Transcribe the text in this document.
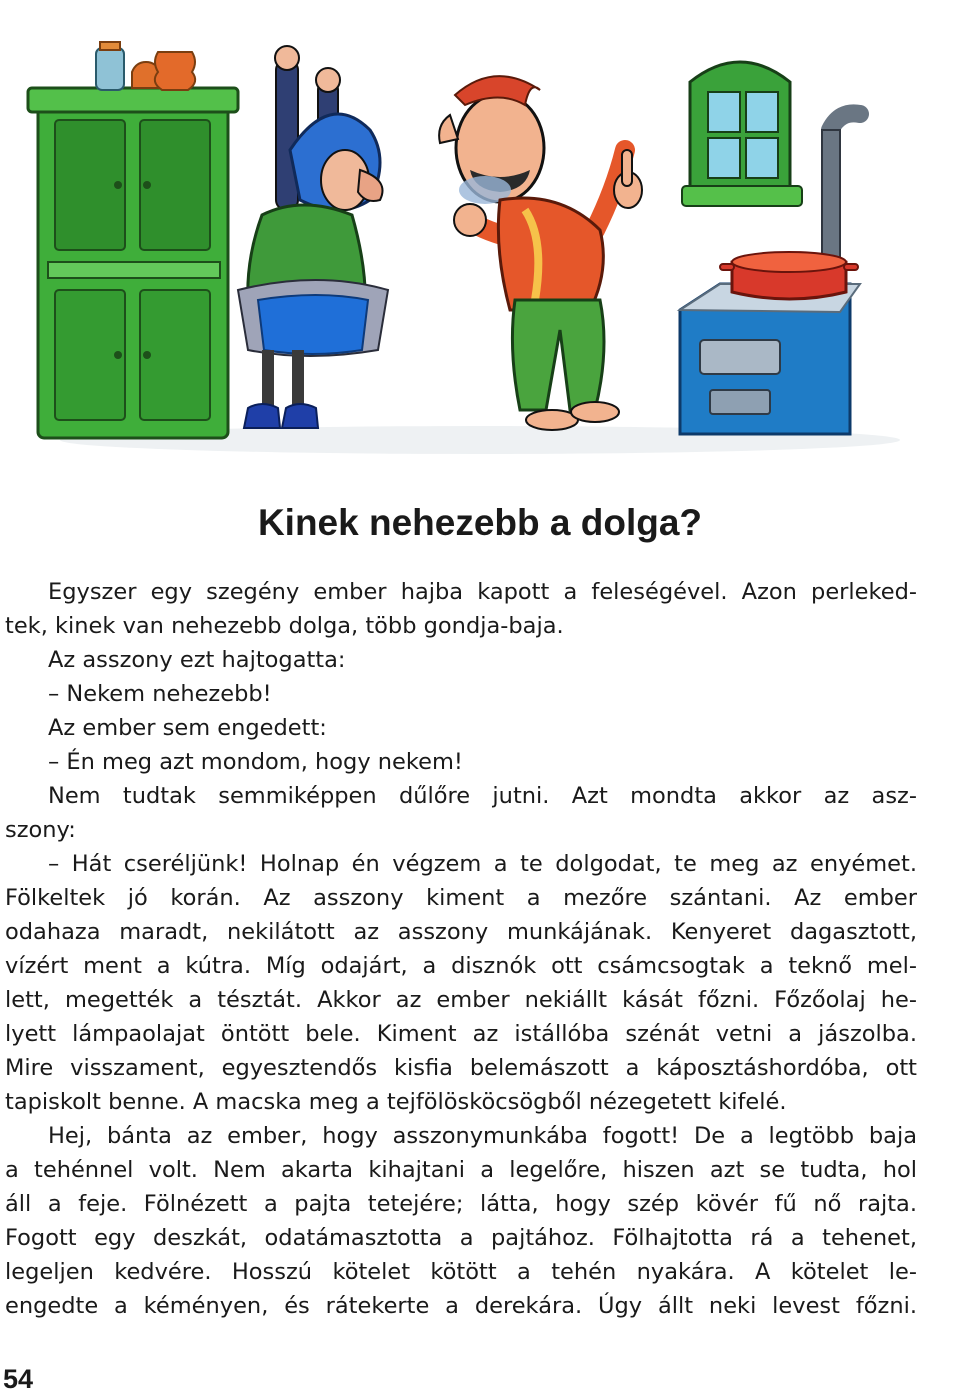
Kinek nehezebb a dolga?
Egyszer egy szegény ember hajba kapott a feleségével. Azon perleked-
tek, kinek van nehezebb dolga, több gondja-baja.
Az asszony ezt hajtogatta:
– Nekem nehezebb!
Az ember sem engedett:
– Én meg azt mondom, hogy nekem!
Nem tudtak semmiképpen dűlőre jutni. Azt mondta akkor az asz-
szony:
– Hát cseréljünk! Holnap én végzem a te dolgodat, te meg az enyémet.
Fölkeltek jó korán. Az asszony kiment a mezőre szántani. Az ember
odahaza maradt, nekilátott az asszony munkájának. Kenyeret dagasztott,
vízért ment a kútra. Míg odajárt, a disznók ott csámcsogtak a teknő mel-
lett, megették a tésztát. Akkor az ember nekiállt kását főzni. Főzőolaj he-
lyett lámpaolajat öntött bele. Kiment az istállóba szénát vetni a jászolba.
Mire visszament, egyesztendős kisfia belemászott a káposztáshordóba, ott
tapiskolt benne. A macska meg a tejfölösköcsögből nézegetett kifelé.
Hej, bánta az ember, hogy asszonymunkába fogott! De a legtöbb baja
a tehénnel volt. Nem akarta kihajtani a legelőre, hiszen azt se tudta, hol
áll a feje. Fölnézett a pajta tetejére; látta, hogy szép kövér fű nő rajta.
Fogott egy deszkát, odatámasztotta a pajtához. Fölhajtotta rá a tehenet,
legeljen kedvére. Hosszú kötelet kötött a tehén nyakára. A kötelet le-
engedte a kéményen, és rátekerte a derekára. Úgy állt neki levest főzni.
54
